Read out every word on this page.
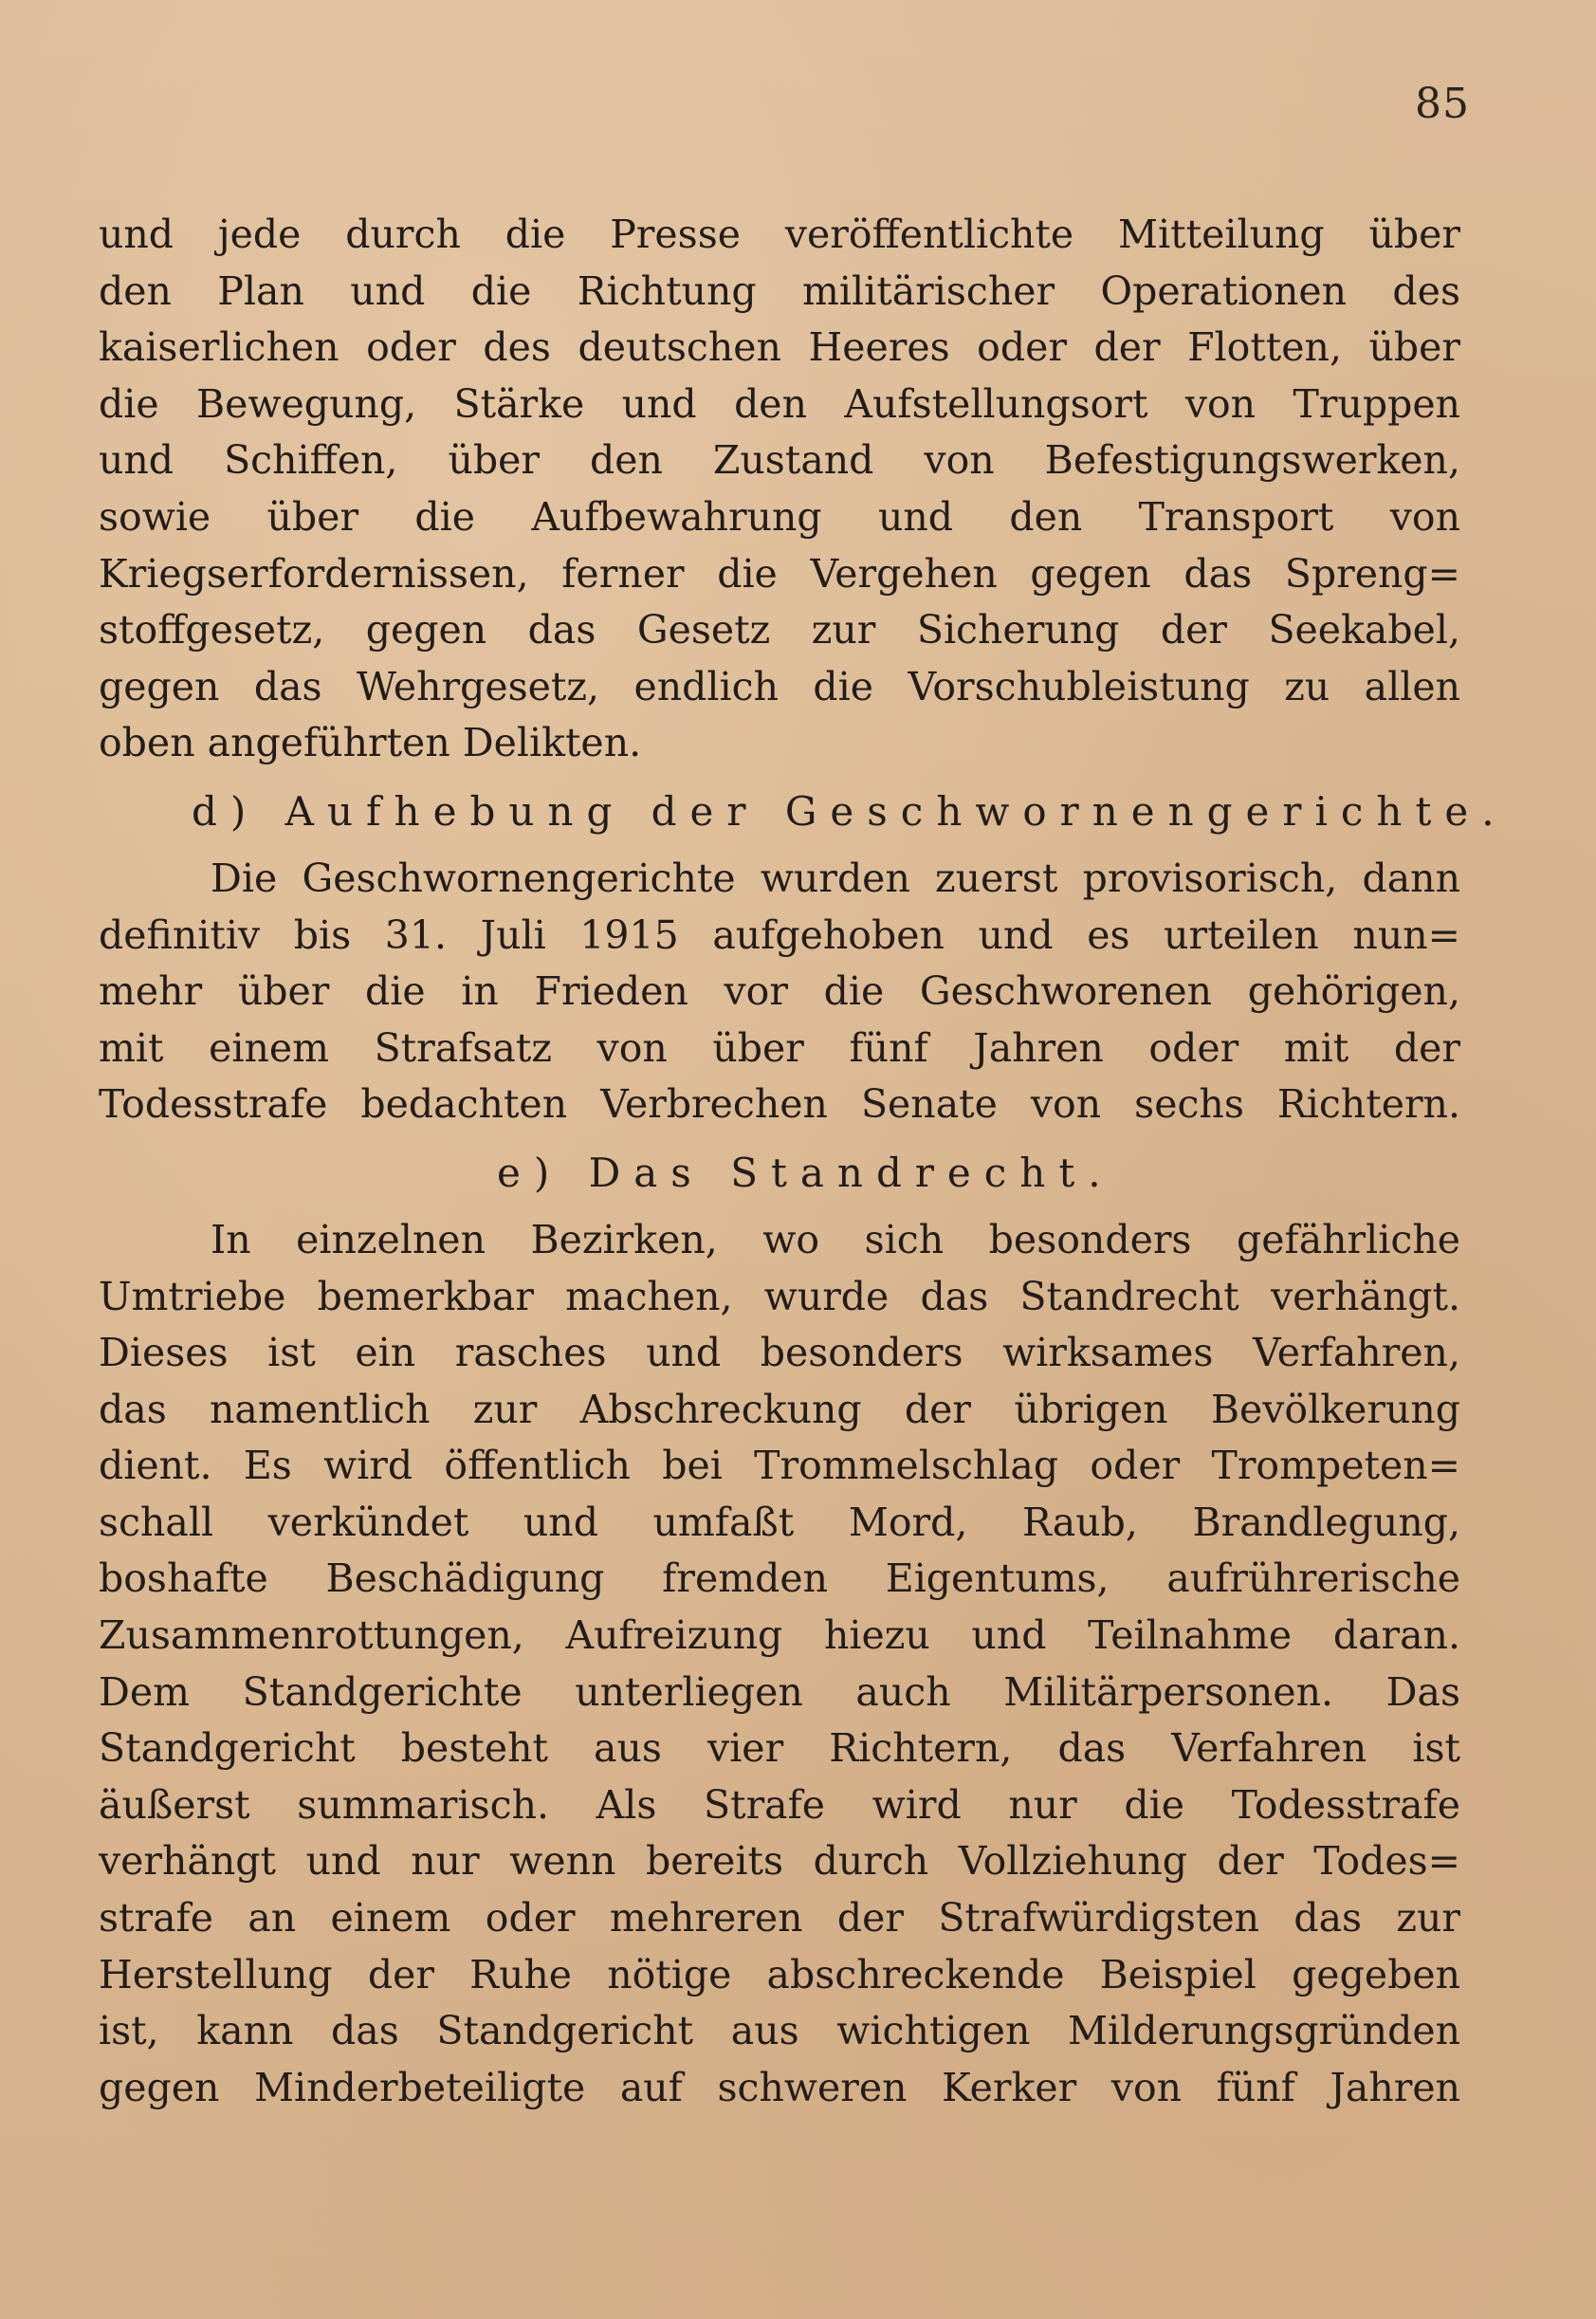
85
und jede durch die Presse veröffentlichte Mitteilung über
den Plan und die Richtung militärischer Operationen des
kaiserlichen oder des deutschen Heeres oder der Flotten, über
die Bewegung, Stärke und den Aufstellungsort von Truppen
und Schiffen, über den Zustand von Befestigungswerken,
sowie über die Aufbewahrung und den Transport von
Kriegserfordernissen, ferner die Vergehen gegen das Spreng=
stoffgesetz, gegen das Gesetz zur Sicherung der Seekabel,
gegen das Wehrgesetz, endlich die Vorschubleistung zu allen
oben angeführten Delikten.
d) Aufhebung der Geschwornengerichte.
Die Geschwornengerichte wurden zuerst provisorisch, dann
definitiv bis 31. Juli 1915 aufgehoben und es urteilen nun=
mehr über die in Frieden vor die Geschworenen gehörigen,
mit einem Strafsatz von über fünf Jahren oder mit der
Todesstrafe bedachten Verbrechen Senate von sechs Richtern.
e) Das Standrecht.
In einzelnen Bezirken, wo sich besonders gefährliche
Umtriebe bemerkbar machen, wurde das Standrecht verhängt.
Dieses ist ein rasches und besonders wirksames Verfahren,
das namentlich zur Abschreckung der übrigen Bevölkerung
dient. Es wird öffentlich bei Trommelschlag oder Trompeten=
schall verkündet und umfaßt Mord, Raub, Brandlegung,
boshafte Beschädigung fremden Eigentums, aufrührerische
Zusammenrottungen, Aufreizung hiezu und Teilnahme daran.
Dem Standgerichte unterliegen auch Militärpersonen. Das
Standgericht besteht aus vier Richtern, das Verfahren ist
äußerst summarisch. Als Strafe wird nur die Todesstrafe
verhängt und nur wenn bereits durch Vollziehung der Todes=
strafe an einem oder mehreren der Strafwürdigsten das zur
Herstellung der Ruhe nötige abschreckende Beispiel gegeben
ist, kann das Standgericht aus wichtigen Milderungsgründen
gegen Minderbeteiligte auf schweren Kerker von fünf Jahren
